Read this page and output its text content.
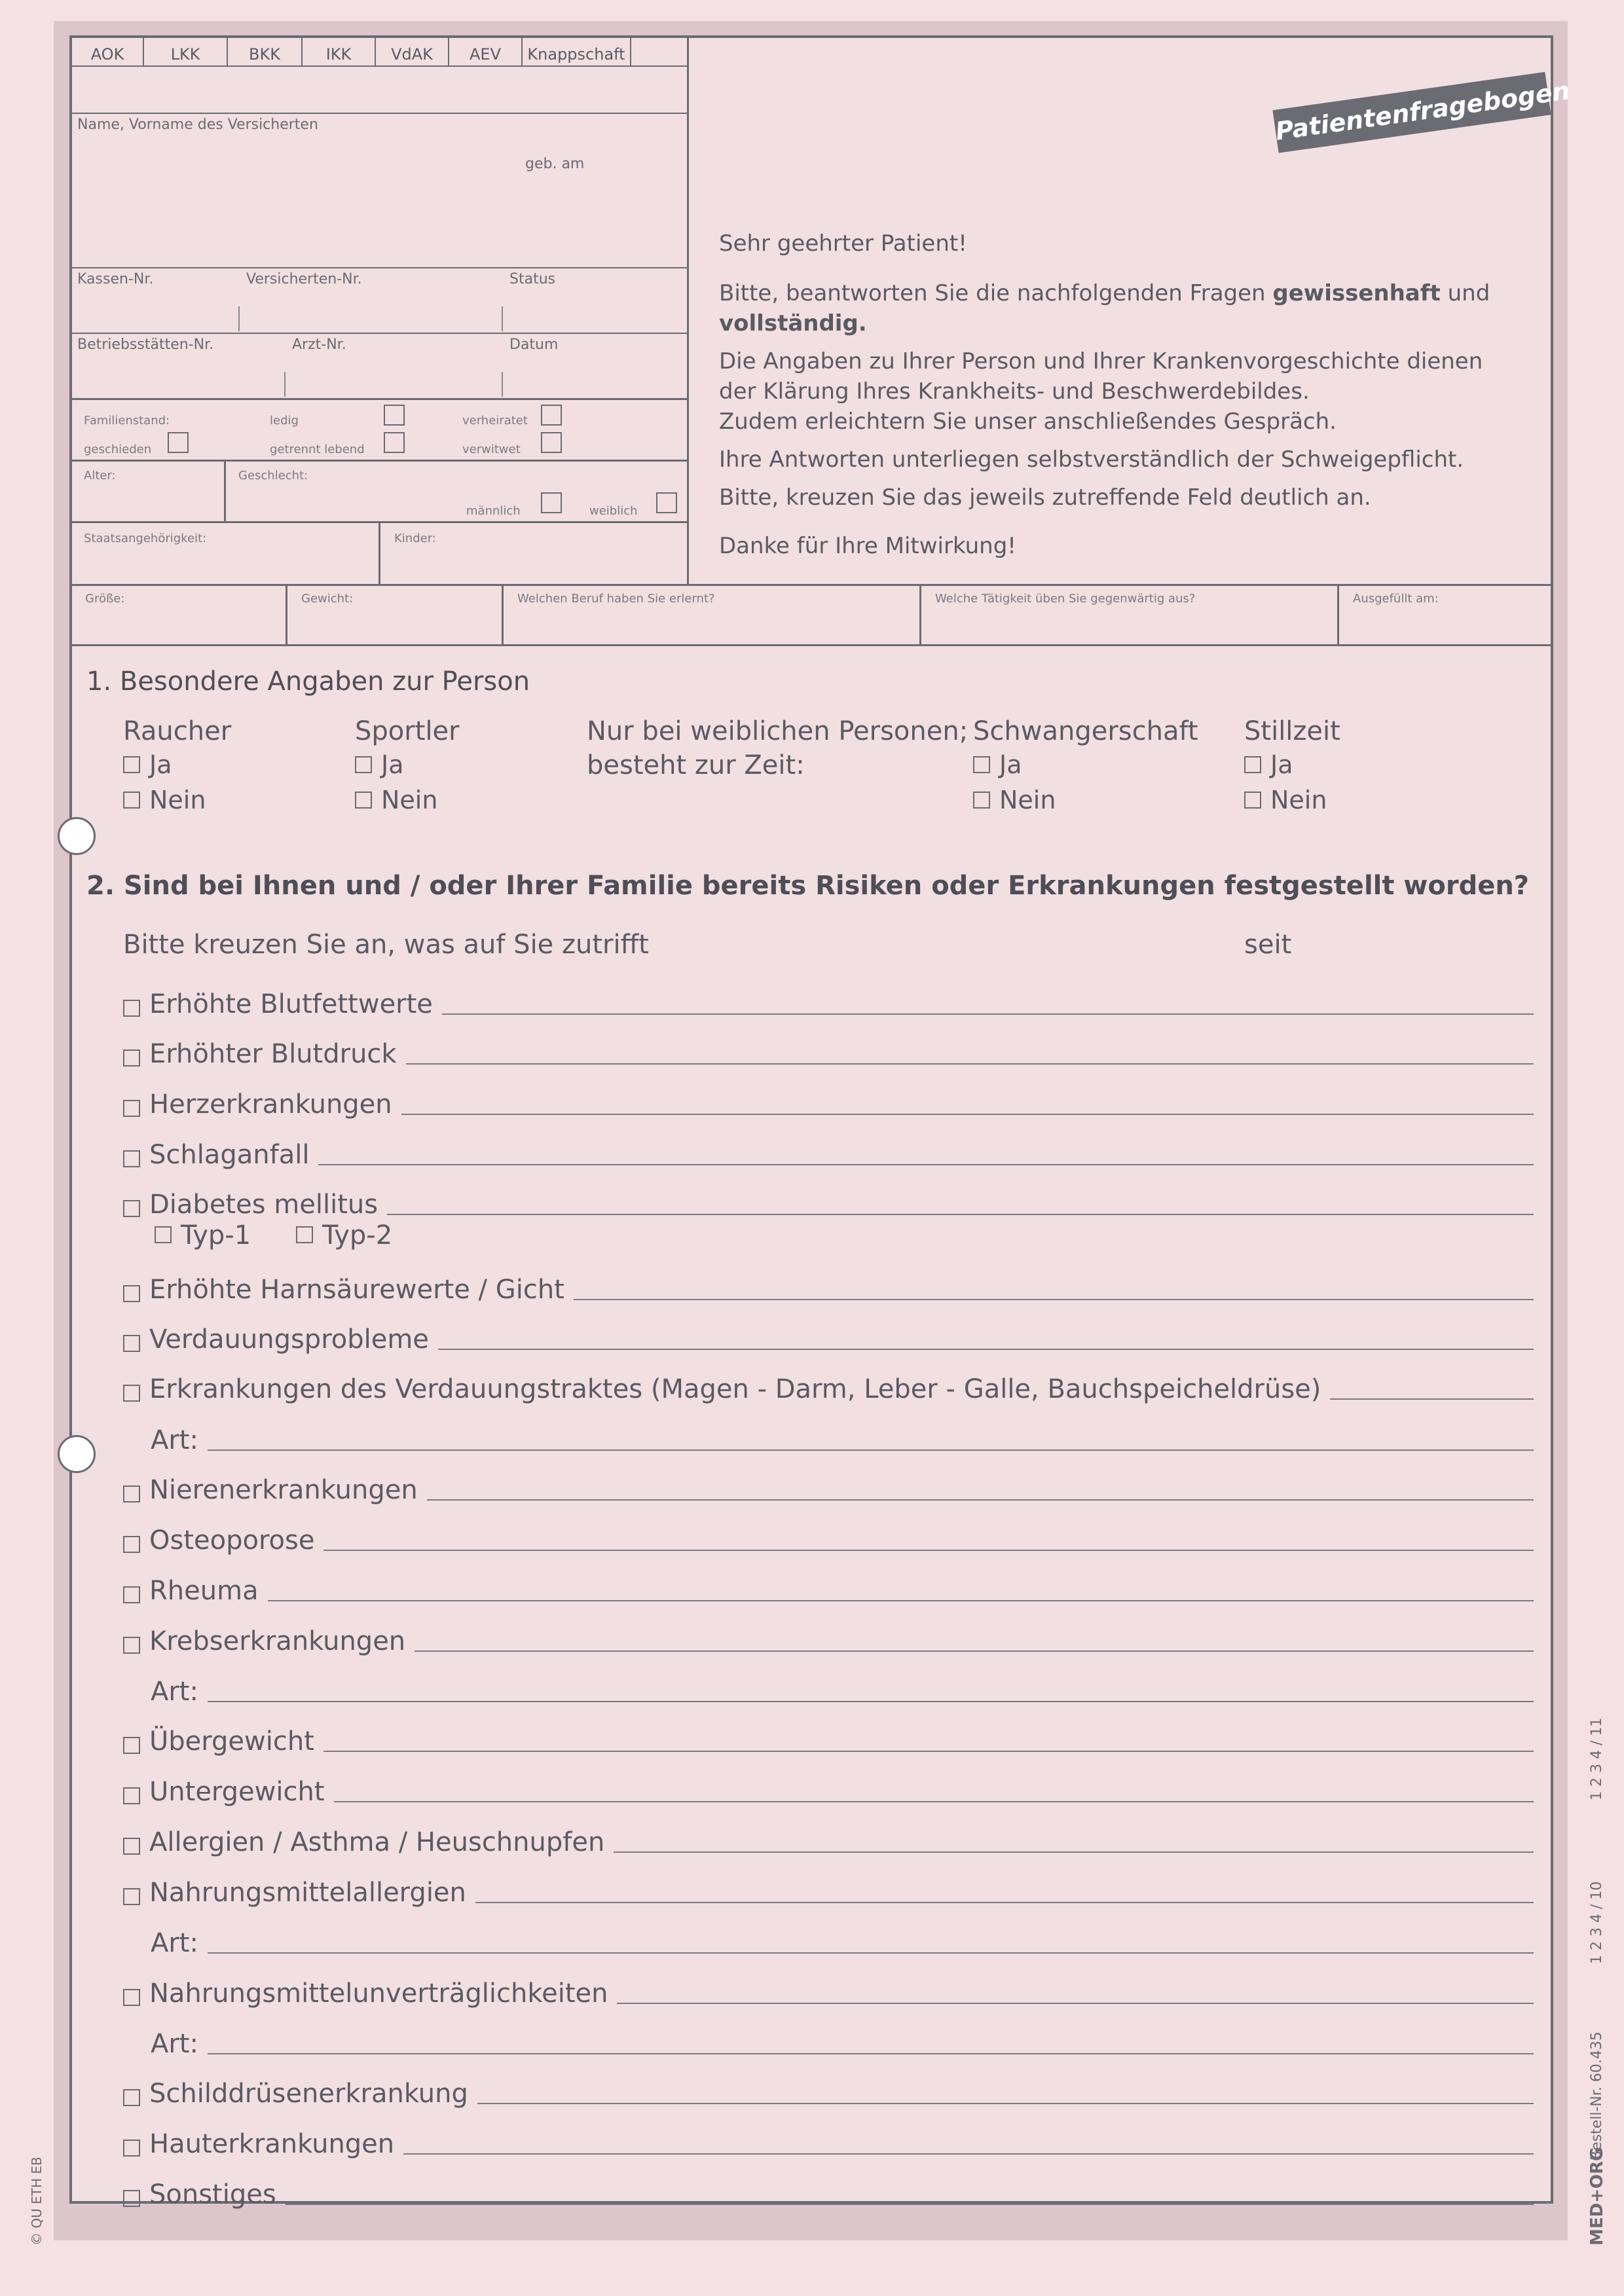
AOK	LKK	BKK	IKK	VdAK	AEV	Knappschaft
Name, Vorname des Versicherten
geb. am
Kassen-Nr.	Versicherten-Nr.	Status
Betriebsstätten-Nr.	Arzt-Nr.	Datum
Familienstand:	ledig	verheiratet
geschieden	getrennt lebend	verwitwet
Alter:	Geschlecht:
männlich	weiblich
Staatsangehörigkeit:	Kinder:
Größe:	Gewicht:	Welchen Beruf haben Sie erlernt?	Welche Tätigkeit üben Sie gegenwärtig aus?	Ausgefüllt am:
Patientenfragebogen
Sehr geehrter Patient!
Bitte, beantworten Sie die nachfolgenden Fragen gewissenhaft und
vollständig.
Die Angaben zu Ihrer Person und Ihrer Krankenvorgeschichte dienen
der Klärung Ihres Krankheits- und Beschwerdebildes.
Zudem erleichtern Sie unser anschließendes Gespräch.
Ihre Antworten unterliegen selbstverständlich der Schweigepflicht.
Bitte, kreuzen Sie das jeweils zutreffende Feld deutlich an.
Danke für Ihre Mitwirkung!
1. Besondere Angaben zur Person
Raucher
Ja
Nein
Sportler
Ja
Nein
Nur bei weiblichen Personen;
besteht zur Zeit:
Schwangerschaft
Ja
Nein
Stillzeit
Ja
Nein
2. Sind bei Ihnen und / oder Ihrer Familie bereits Risiken oder Erkrankungen festgestellt worden?
Bitte kreuzen Sie an, was auf Sie zutrifft	seit
Erhöhte Blutfettwerte
Erhöhter Blutdruck
Herzerkrankungen
Schlaganfall
Diabetes mellitus
Typ-1	Typ-2
Erhöhte Harnsäurewerte / Gicht
Verdauungsprobleme
Erkrankungen des Verdauungstraktes (Magen - Darm, Leber - Galle, Bauchspeicheldrüse)
Art:
Nierenerkrankungen
Osteoporose
Rheuma
Krebserkrankungen
Art:
Übergewicht
Untergewicht
Allergien / Asthma / Heuschnupfen
Nahrungsmittelallergien
Art:
Nahrungsmittelunverträglichkeiten
Art:
Schilddrüsenerkrankung
Hauterkrankungen
Sonstiges	MED+ORG
Bestell-Nr. 60.435
1 2 3 4 / 10
1 2 3 4 / 11
© QU ETH EB
